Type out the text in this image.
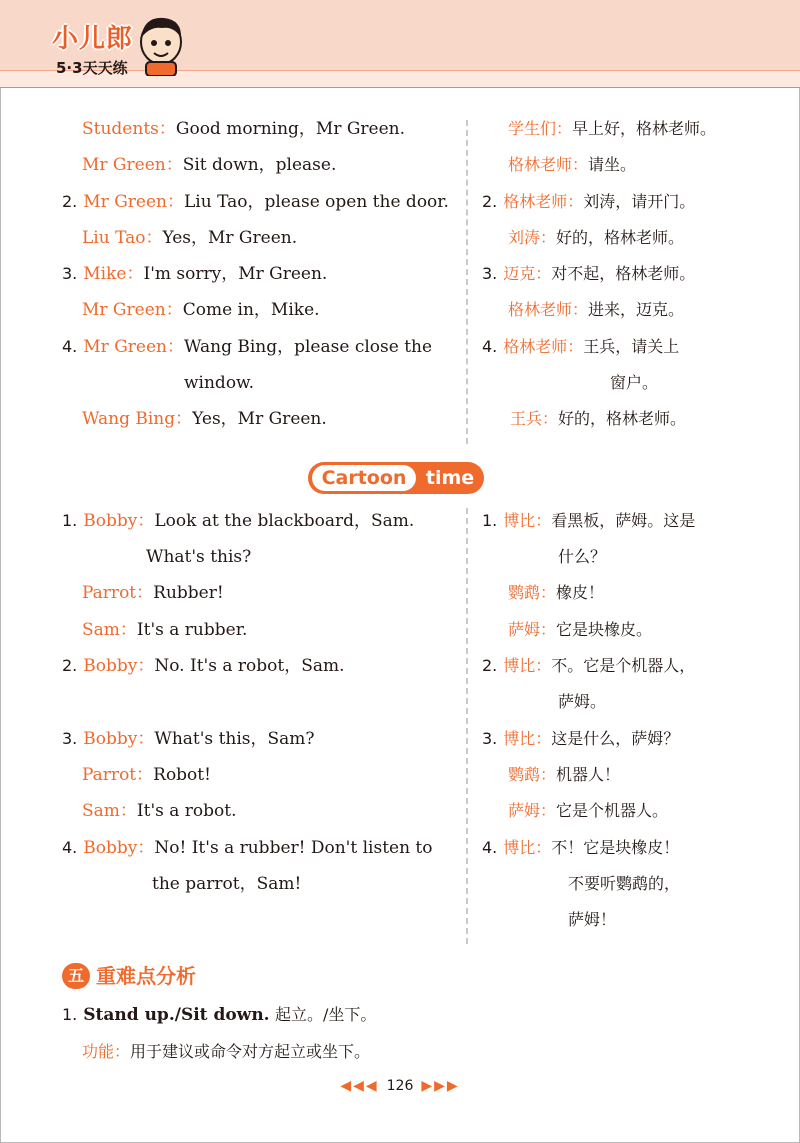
小儿郎
5·3天天练
Students：Good morning，Mr Green.
Mr Green：Sit down，please.
2. Mr Green：Liu Tao，please open the door.
Liu Tao：Yes，Mr Green.
3. Mike：I'm sorry，Mr Green.
Mr Green：Come in，Mike.
4. Mr Green：Wang Bing，please close the
window.
Wang Bing：Yes，Mr Green.
学生们：早上好，格林老师。
格林老师：请坐。
2. 格林老师：刘涛，请开门。
刘涛：好的，格林老师。
3. 迈克：对不起，格林老师。
格林老师：进来，迈克。
4. 格林老师：王兵，请关上
窗户。
王兵：好的，格林老师。
Cartoon	time
1. Bobby：Look at the blackboard，Sam.
What's this?
Parrot：Rubber!
Sam：It's a rubber.
2. Bobby：No. It's a robot，Sam.
3. Bobby：What's this，Sam?
Parrot：Robot!
Sam：It's a robot.
4. Bobby：No! It's a rubber! Don't listen to
the parrot，Sam!
1. 博比：看黑板，萨姆。这是
什么？
鹦鹉：橡皮！
萨姆：它是块橡皮。
2. 博比：不。它是个机器人，
萨姆。
3. 博比：这是什么，萨姆？
鹦鹉：机器人！
萨姆：它是个机器人。
4. 博比：不！它是块橡皮！
不要听鹦鹉的，
萨姆！
五 重难点分析
1. Stand up./Sit down. 起立。/坐下。
功能：用于建议或命令对方起立或坐下。
◀◀◀ 126 ▶▶▶
